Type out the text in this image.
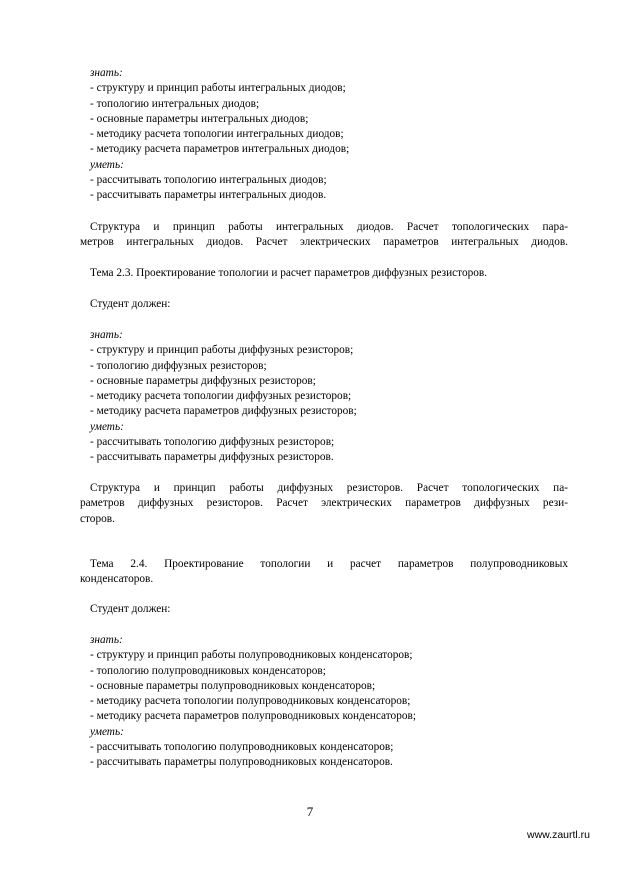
знать:
- структуру и принцип работы интегральных диодов;
- топологию интегральных диодов;
- основные параметры интегральных диодов;
- методику расчета топологии интегральных диодов;
- методику расчета параметров интегральных диодов;
уметь:
- рассчитывать топологию интегральных диодов;
- рассчитывать параметры интегральных диодов.
Структура и принцип работы интегральных диодов. Расчет топологических пара-
метров интегральных диодов. Расчет электрических параметров интегральных диодов.
Тема 2.3. Проектирование топологии и расчет параметров диффузных резисторов.
Студент должен:
знать:
- структуру и принцип работы диффузных резисторов;
- топологию диффузных резисторов;
- основные параметры диффузных резисторов;
- методику расчета топологии диффузных резисторов;
- методику расчета параметров диффузных резисторов;
уметь:
- рассчитывать топологию диффузных резисторов;
- рассчитывать параметры диффузных резисторов.
Структура и принцип работы диффузных резисторов. Расчет топологических па-
раметров диффузных резисторов. Расчет электрических параметров диффузных рези-
сторов.
Тема 2.4. Проектирование топологии и расчет параметров полупроводниковых
конденсаторов.
Студент должен:
знать:
- структуру и принцип работы полупроводниковых конденсаторов;
- топологию полупроводниковых конденсаторов;
- основные параметры полупроводниковых конденсаторов;
- методику расчета топологии полупроводниковых конденсаторов;
- методику расчета параметров полупроводниковых конденсаторов;
уметь:
- рассчитывать топологию полупроводниковых конденсаторов;
- рассчитывать параметры полупроводниковых конденсаторов.
7
www.zaurtl.ru
